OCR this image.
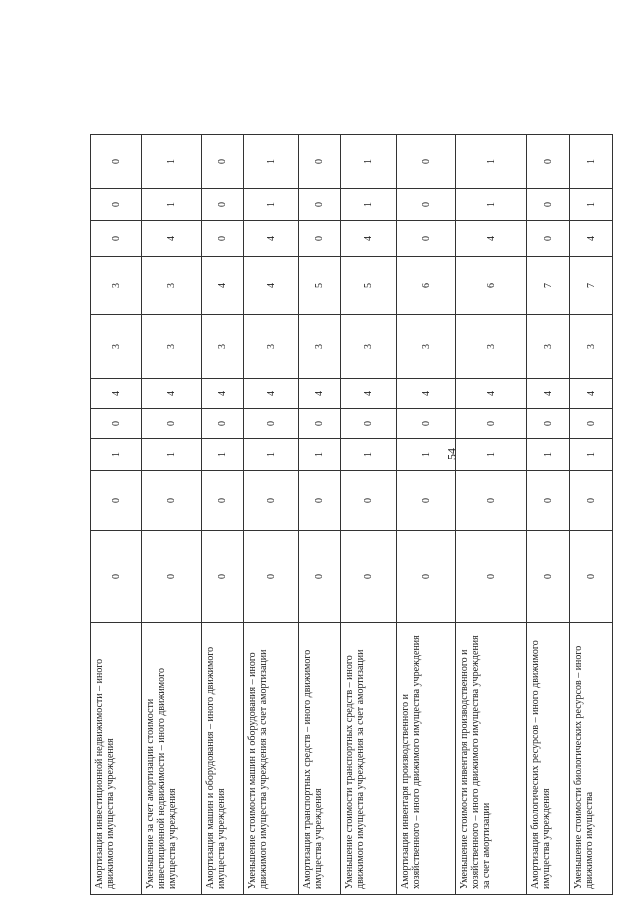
54
Амортизация инвестиционной недвижимости – иного движимого имущества учреждения	0	0	1	0	4	3	3	0	0	0
Уменьшение за счет амортизации стоимости инвестиционной недвижимости – иного движимого имущества учреждения	0	0	1	0	4	3	3	4	1	1
Амортизация машин и оборудования – иного движимого имущества учреждения	0	0	1	0	4	3	4	0	0	0
Уменьшение стоимости машин и оборудования – иного движимого имущества учреждения за счет амортизации	0	0	1	0	4	3	4	4	1	1
Амортизация транспортных средств – иного движимого имущества учреждения	0	0	1	0	4	3	5	0	0	0
Уменьшение стоимости транспортных средств – иного движимого имущества учреждения за счет амортизации	0	0	1	0	4	3	5	4	1	1
Амортизация инвентаря производственного и хозяйственного – иного движимого имущества учреждения	0	0	1	0	4	3	6	0	0	0
Уменьшение стоимости инвентаря производственного и хозяйственного – иного движимого имущества учреждения за счет амортизации	0	0	1	0	4	3	6	4	1	1
Амортизация биологических ресурсов – иного движимого имущества учреждения	0	0	1	0	4	3	7	0	0	0
Уменьшение стоимости биологических ресурсов – иного движимого имущества	0	0	1	0	4	3	7	4	1	1
